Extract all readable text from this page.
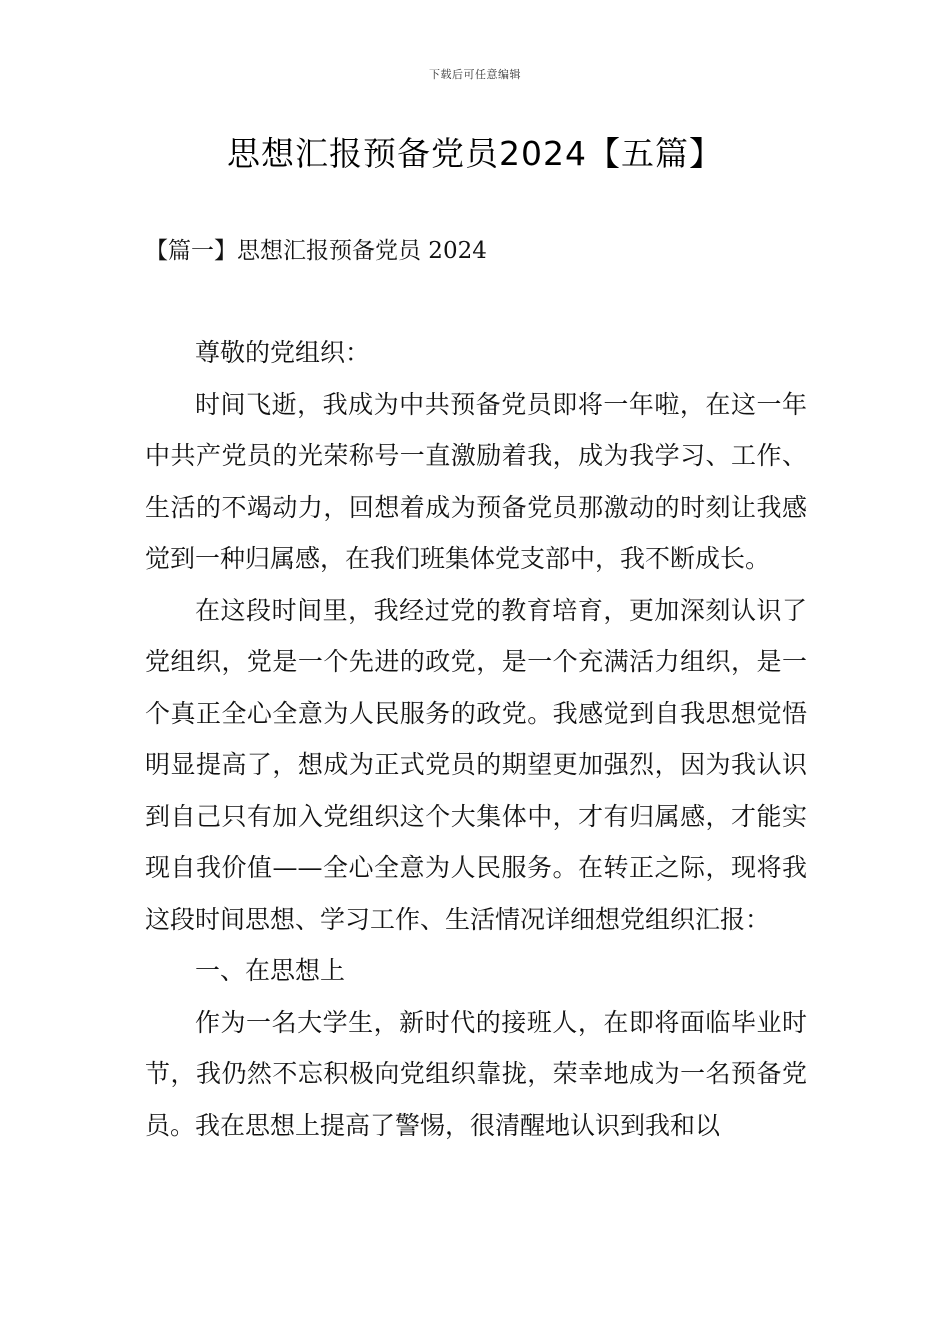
下载后可任意编辑
思想汇报预备党员2024【五篇】
【篇一】思想汇报预备党员 2024

尊敬的党组织：

时间飞逝，我成为中共预备党员即将一年啦，在这一年中共产党员的光荣称号一直激励着我，成为我学习、工作、生活的不竭动力，回想着成为预备党员那激动的时刻让我感觉到一种归属感，在我们班集体党支部中，我不断成长。

在这段时间里，我经过党的教育培育，更加深刻认识了党组织，党是一个先进的政党，是一个充满活力组织，是一个真正全心全意为人民服务的政党。我感觉到自我思想觉悟明显提高了，想成为正式党员的期望更加强烈，因为我认识到自己只有加入党组织这个大集体中，才有归属感，才能实现自我价值——全心全意为人民服务。在转正之际，现将我这段时间思想、学习工作、生活情况详细想党组织汇报：

一、在思想上

作为一名大学生，新时代的接班人，在即将面临毕业时节，我仍然不忘积极向党组织靠拢，荣幸地成为一名预备党员。我在思想上提高了警惕，很清醒地认识到我和以
